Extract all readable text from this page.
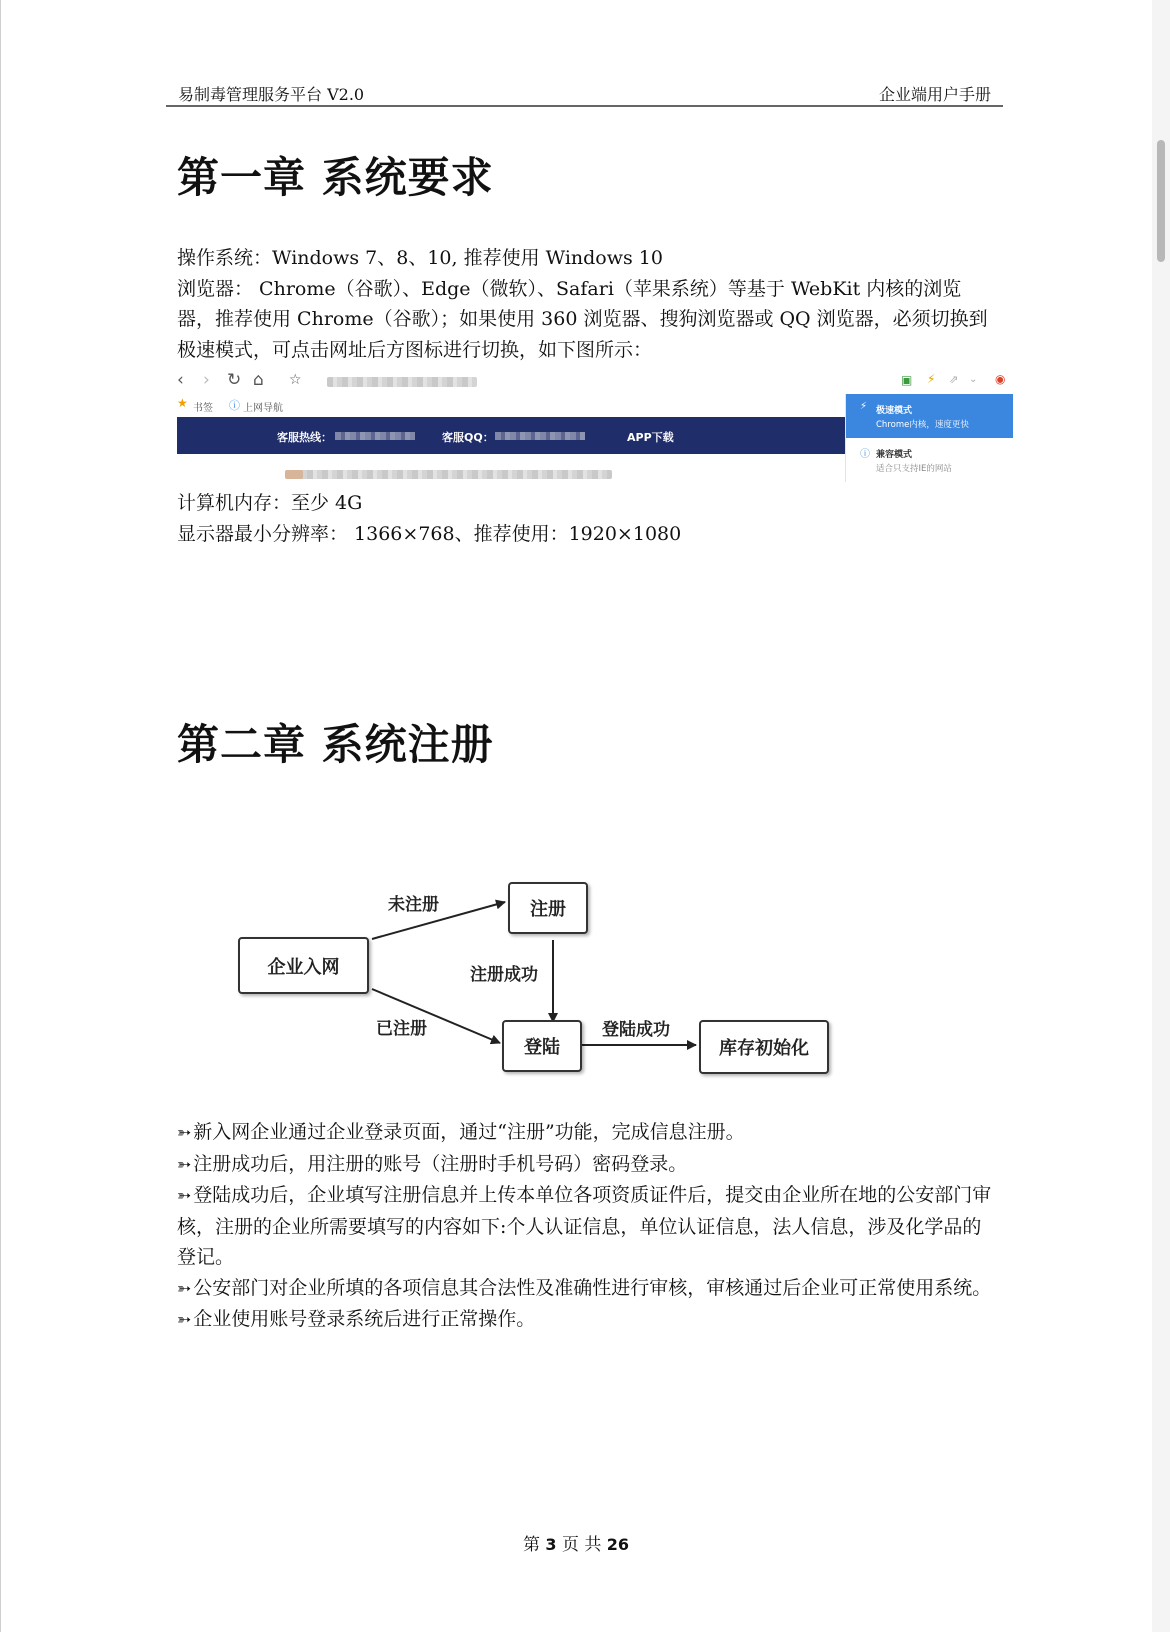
易制毒管理服务平台 V2.0	企业端用户手册
第一章 系统要求
操作系统：Windows 7、8、10, 推荐使用 Windows 10
浏览器： Chrome（谷歌）、Edge（微软）、Safari（苹果系统）等基于 WebKit 内核的浏览器，推荐使用 Chrome（谷歌）；如果使用 360 浏览器、搜狗浏览器或 QQ 浏览器，必须切换到极速模式，可点击网址后方图标进行切换，如下图所示：
‹ › ↻ ⌂ ☆	▣ ⚡ ⇗ ⌄ ◉
★ 书签 ⓘ 上网导航
客服热线：	客服QQ：	APP下载
⚡ 极速模式
Chrome内核，速度更快
ⓘ 兼容模式
适合只支持IE的网站
计算机内存：至少 4G
显示器最小分辨率： 1366×768、推荐使用：1920×1080
第二章 系统注册
企业入网
注册
登陆	库存初始化
未注册
已注册
注册成功
登陆成功
➳ 新入网企业通过企业登录页面，通过“注册”功能，完成信息注册。
➳ 注册成功后，用注册的账号（注册时手机号码）密码登录。
➳ 登陆成功后，企业填写注册信息并上传本单位各项资质证件后，提交由企业所在地的公安部门审核，注册的企业所需要填写的内容如下:个人认证信息，单位认证信息，法人信息，涉及化学品的登记。
➳ 公安部门对企业所填的各项信息其合法性及准确性进行审核，审核通过后企业可正常使用系统。
➳ 企业使用账号登录系统后进行正常操作。
第 3 页 共 26
